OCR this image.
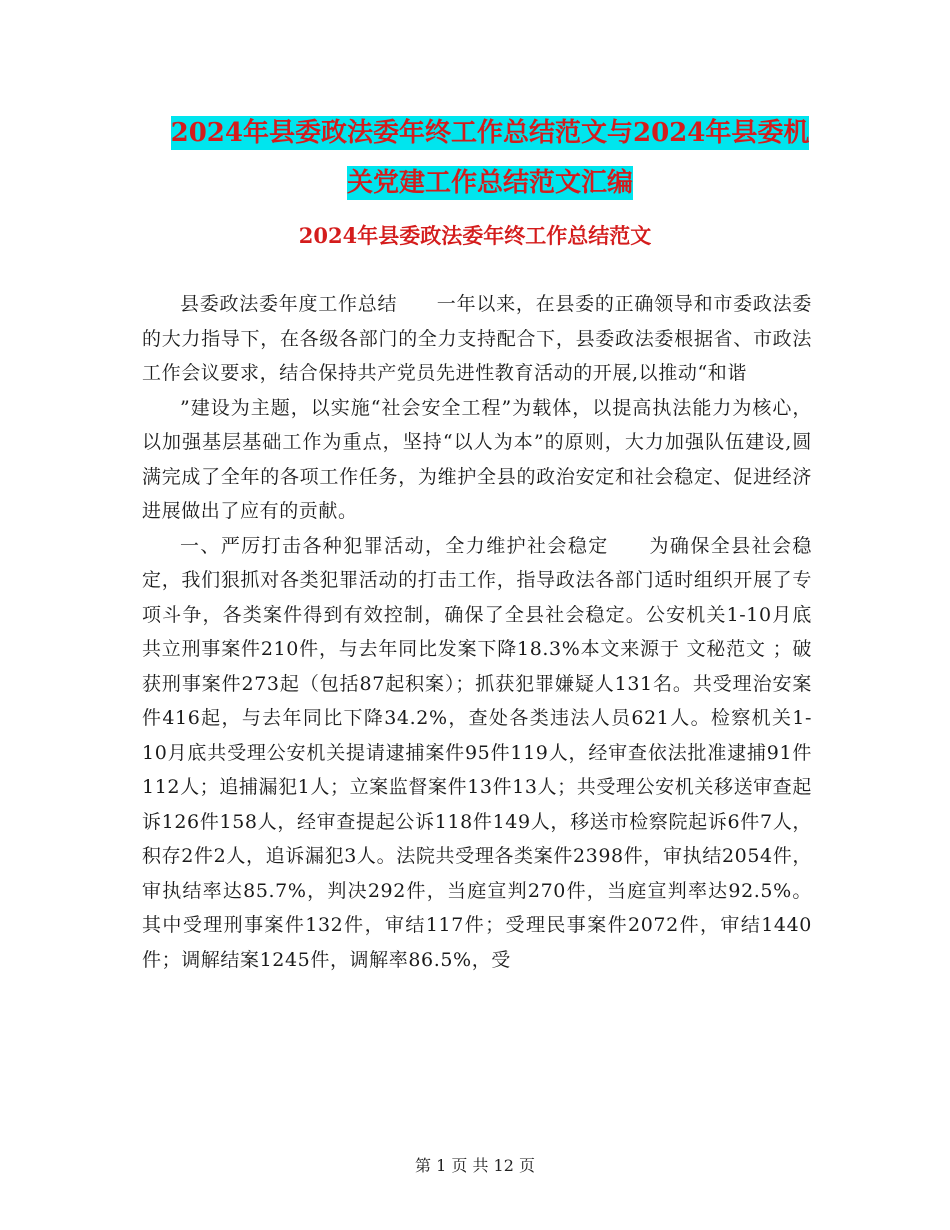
2024年县委政法委年终工作总结范文与2024年县委机
关党建工作总结范文汇编
2024年县委政法委年终工作总结范文

县委政法委年度工作总结　　一年以来，在县委的正确领导和市委政法委的大力指导下，在各级各部门的全力支持配合下，县委政法委根据省、市政法工作会议要求，结合保持共产党员先进性教育活动的开展,以推动“和谐

”建设为主题，以实施“社会安全工程”为载体，以提高执法能力为核心，以加强基层基础工作为重点，坚持“以人为本”的原则，大力加强队伍建设,圆满完成了全年的各项工作任务，为维护全县的政治安定和社会稳定、促进经济进展做出了应有的贡献。

一、严厉打击各种犯罪活动，全力维护社会稳定　　为确保全县社会稳定，我们狠抓对各类犯罪活动的打击工作，指导政法各部门适时组织开展了专项斗争，各类案件得到有效控制，确保了全县社会稳定。公安机关1-10月底共立刑事案件210件，与去年同比发案下降18.3%本文来源于 文秘范文 ；破获刑事案件273起（包括87起积案）；抓获犯罪嫌疑人131名。共受理治安案件416起，与去年同比下降34.2%，查处各类违法人员621人。检察机关1-10月底共受理公安机关提请逮捕案件95件119人，经审查依法批准逮捕91件112人；追捕漏犯1人；立案监督案件13件13人；共受理公安机关移送审查起诉126件158人，经审查提起公诉118件149人，移送市检察院起诉6件7人，积存2件2人，追诉漏犯3人。法院共受理各类案件2398件，审执结2054件，审执结率达85.7%，判决292件，当庭宣判270件，当庭宣判率达92.5%。其中受理刑事案件132件，审结117件；受理民事案件2072件，审结1440件；调解结案1245件，调解率86.5%，受

第 1 页 共 12 页
